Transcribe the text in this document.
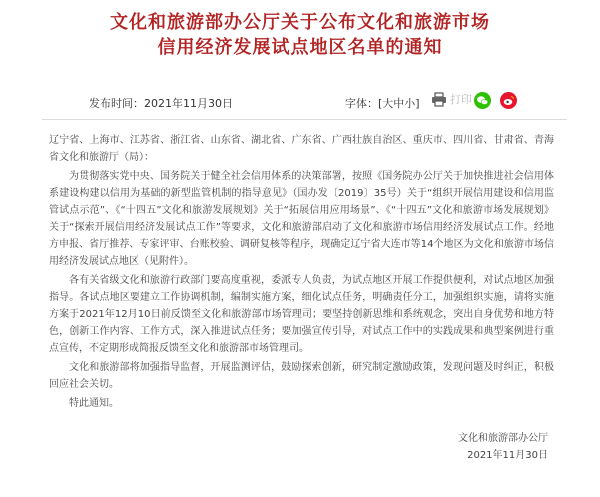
文化和旅游部办公厅关于公布文化和旅游市场
信用经济发展试点地区名单的通知
发布时间：2021年11月30日	字体：[大中小]	打印

辽宁省、上海市、江苏省、浙江省、山东省、湖北省、广东省、广西壮族自治区、重庆市、四川省、甘肃省、青海省文化和旅游厅（局）：

为贯彻落实党中央、国务院关于健全社会信用体系的决策部署，按照《国务院办公厅关于加快推进社会信用体系建设构建以信用为基础的新型监管机制的指导意见》（国办发〔2019〕35号）关于“组织开展信用建设和信用监管试点示范”、《“十四五”文化和旅游发展规划》关于“拓展信用应用场景”、《“十四五”文化和旅游市场发展规划》关于“探索开展信用经济发展试点工作”等要求，文化和旅游部启动了文化和旅游市场信用经济发展试点工作。经地方申报、省厅推荐、专家评审、台账校验、调研复核等程序，现确定辽宁省大连市等14个地区为文化和旅游市场信用经济发展试点地区（见附件）。

各有关省级文化和旅游行政部门要高度重视，委派专人负责，为试点地区开展工作提供便利，对试点地区加强指导。各试点地区要建立工作协调机制，编制实施方案，细化试点任务，明确责任分工，加强组织实施，请将实施方案于2021年12月10日前反馈至文化和旅游部市场管理司；要坚持创新思维和系统观念，突出自身优势和地方特色，创新工作内容、工作方式，深入推进试点任务；要加强宣传引导，对试点工作中的实践成果和典型案例进行重点宣传，不定期形成简报反馈至文化和旅游部市场管理司。

文化和旅游部将加强指导监督，开展监测评估，鼓励探索创新，研究制定激励政策，发现问题及时纠正，积极回应社会关切。

特此通知。

文化和旅游部办公厅
2021年11月30日
